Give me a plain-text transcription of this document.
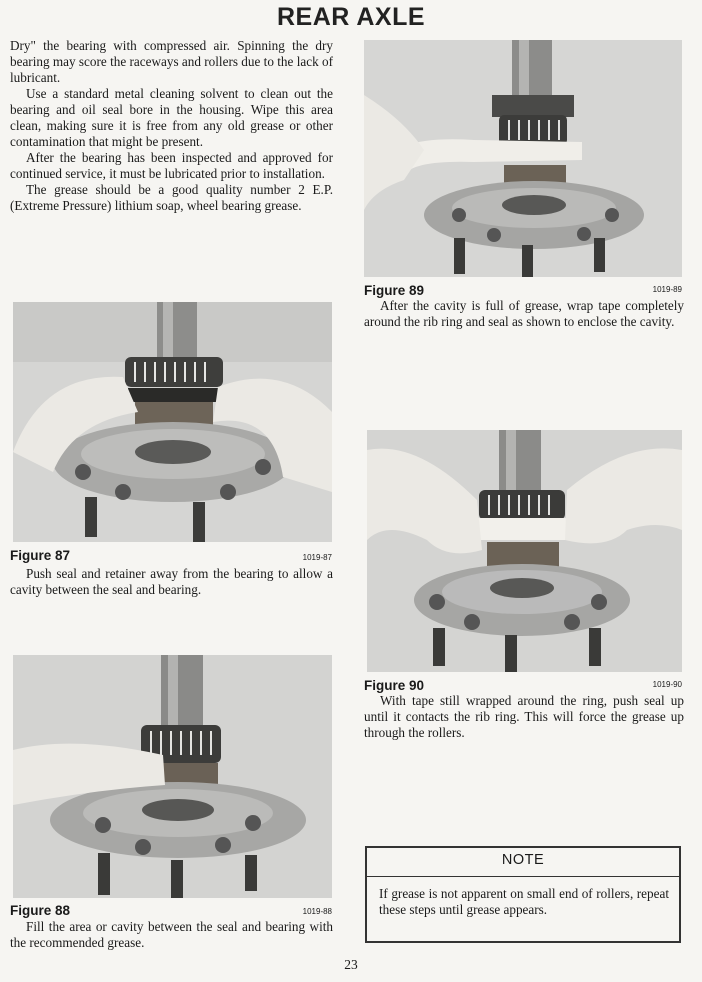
REAR AXLE

Dry" the bearing with compressed air. Spinning the dry bearing may score the raceways and rollers due to the lack of lubricant.

Use a standard metal cleaning solvent to clean out the bearing and oil seal bore in the housing. Wipe this area clean, making sure it is free from any old grease or other contamination that might be present.

After the bearing has been inspected and approved for continued service, it must be lubricated prior to installation.

The grease should be a good quality number 2 E.P. (Extreme Pressure) lithium soap, wheel bearing grease.

Figure 87	1019-87

Push seal and retainer away from the bearing to allow a cavity between the seal and bearing.

Figure 88	1019-88

Fill the area or cavity between the seal and bearing with the recommended grease.

Figure 89	1019-89

After the cavity is full of grease, wrap tape completely around the rib ring and seal as shown to enclose the cavity.

Figure 90	1019-90

With tape still wrapped around the ring, push seal up until it contacts the rib ring. This will force the grease up through the rollers.

NOTE

If grease is not apparent on small end of rollers, repeat these steps until grease appears.

23
